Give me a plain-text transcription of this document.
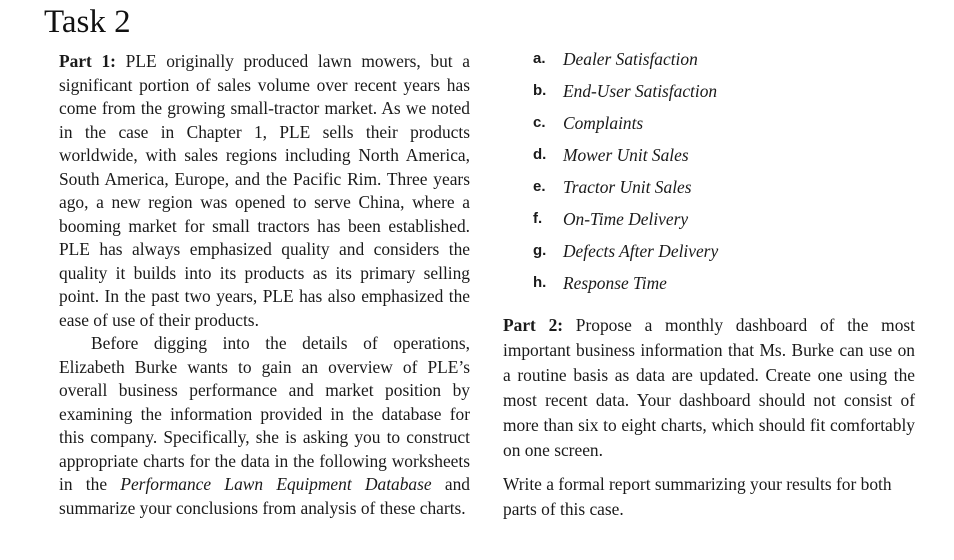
Task 2

Part 1: PLE originally produced lawn mowers, but a significant portion of sales volume over recent years has come from the growing small-tractor market. As we noted in the case in Chapter 1, PLE sells their products worldwide, with sales regions including North America, South America, Europe, and the Pacific Rim. Three years ago, a new region was opened to serve China, where a booming market for small tractors has been established. PLE has always emphasized quality and considers the quality it builds into its products as its primary selling point. In the past two years, PLE has also emphasized the ease of use of their products.

Before digging into the details of operations, Elizabeth Burke wants to gain an overview of PLE’s overall business performance and market position by examining the information provided in the database for this company. Specifically, she is asking you to construct appropriate charts for the data in the following worksheets in the Performance Lawn Equipment Database and summarize your conclusions from analysis of these charts.

a.	Dealer Satisfaction
b. End-User Satisfaction
c.	Complaints
d. Mower Unit Sales
e.	Tractor Unit Sales
f.	On-Time Delivery
g. Defects After Delivery
h. Response Time

Part 2: Propose a monthly dashboard of the most important business information that Ms. Burke can use on a routine basis as data are updated. Create one using the most recent data. Your dashboard should not consist of more than six to eight charts, which should fit comfortably on one screen.

Write a formal report summarizing your results for both parts of this case.
